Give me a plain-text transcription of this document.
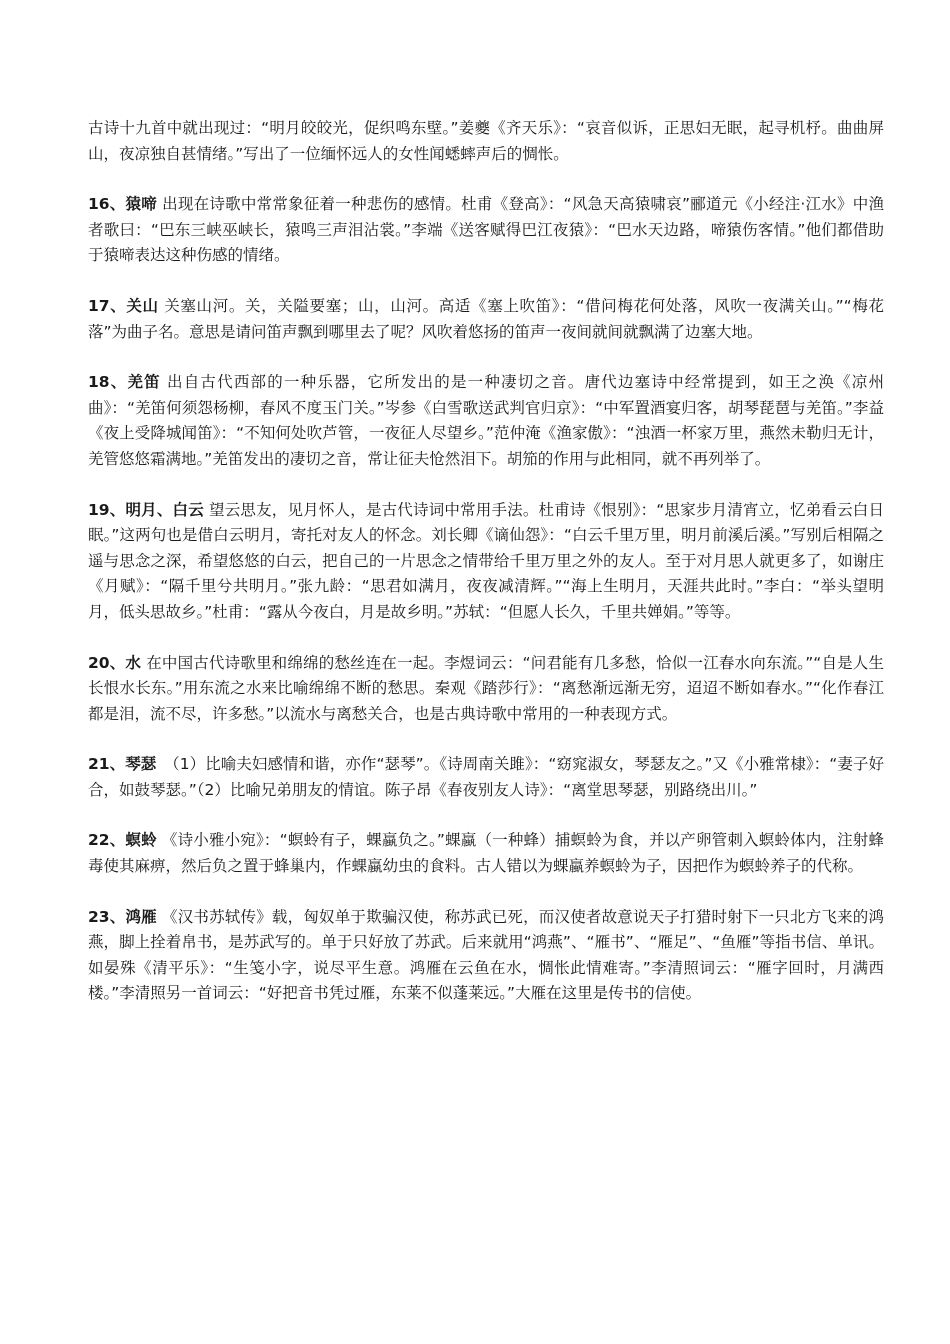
古诗十九首中就出现过：“明月皎皎光，促织鸣东壁。”姜夔《齐天乐》：“哀音似诉，正思妇无眠，起寻机杼。曲曲屏山，夜凉独自甚情绪。”写出了一位缅怀远人的女性闻蟋蟀声后的惆怅。

16、猿啼 出现在诗歌中常常象征着一种悲伤的感情。杜甫《登高》：“风急天高猿啸哀”郦道元《小经注·江水》中渔者歌曰：“巴东三峡巫峡长，猿鸣三声泪沾裳。”李端《送客赋得巴江夜猿》：“巴水天边路，啼猿伤客情。”他们都借助于猿啼表达这种伤感的情绪。

17、关山 关塞山河。关，关隘要塞；山，山河。高适《塞上吹笛》：“借问梅花何处落，风吹一夜满关山。”“梅花落”为曲子名。意思是请问笛声飘到哪里去了呢？风吹着悠扬的笛声一夜间就间就飘满了边塞大地。

18、羌笛 出自古代西部的一种乐器，它所发出的是一种凄切之音。唐代边塞诗中经常提到，如王之涣《凉州曲》：“羌笛何须怨杨柳，春风不度玉门关。”岑参《白雪歌送武判官归京》：“中军置酒宴归客，胡琴琵琶与羌笛。”李益《夜上受降城闻笛》：“不知何处吹芦管，一夜征人尽望乡。”范仲淹《渔家傲》：“浊酒一杯家万里，燕然未勒归无计，羌管悠悠霜满地。”羌笛发出的凄切之音，常让征夫怆然泪下。胡笳的作用与此相同，就不再列举了。

19、明月、白云 望云思友，见月怀人，是古代诗词中常用手法。杜甫诗《恨别》：“思家步月清宵立，忆弟看云白日眠。”这两句也是借白云明月，寄托对友人的怀念。刘长卿《谪仙怨》：“白云千里万里，明月前溪后溪。”写别后相隔之遥与思念之深，希望悠悠的白云，把自己的一片思念之情带给千里万里之外的友人。至于对月思人就更多了，如谢庄《月赋》：“隔千里兮共明月。”张九龄：“思君如满月，夜夜减清辉。”“海上生明月，天涯共此时。”李白：“举头望明月，低头思故乡。”杜甫：“露从今夜白，月是故乡明。”苏轼：“但愿人长久，千里共婵娟。”等等。

20、水 在中国古代诗歌里和绵绵的愁丝连在一起。李煜词云：“问君能有几多愁，恰似一江春水向东流。”“自是人生长恨水长东。”用东流之水来比喻绵绵不断的愁思。秦观《踏莎行》：“离愁渐远渐无穷，迢迢不断如春水。”“化作春江都是泪，流不尽，许多愁。”以流水与离愁关合，也是古典诗歌中常用的一种表现方式。

21、琴瑟　（1）比喻夫妇感情和谐，亦作“瑟琴”。《诗周南关雎》：“窈窕淑女，琴瑟友之。”又《小雅常棣》：“妻子好合，如鼓琴瑟。”（2）比喻兄弟朋友的情谊。陈子昂《春夜别友人诗》：“离堂思琴瑟，别路绕出川。”

22、螟蛉 《诗小雅小宛》：“螟蛉有子，蜾蠃负之。”蜾蠃（一种蜂）捕螟蛉为食，并以产卵管刺入螟蛉体内，注射蜂毒使其麻痹，然后负之置于蜂巢内，作蜾蠃幼虫的食料。古人错以为蜾蠃养螟蛉为子，因把作为螟蛉养子的代称。

23、鸿雁 《汉书苏轼传》载，匈奴单于欺骗汉使，称苏武已死，而汉使者故意说天子打猎时射下一只北方飞来的鸿燕，脚上拴着帛书，是苏武写的。单于只好放了苏武。后来就用“鸿燕”、“雁书”、“雁足”、“鱼雁”等指书信、单讯。如晏殊《清平乐》：“生笺小字，说尽平生意。鸿雁在云鱼在水，惆怅此情难寄。”李清照词云：“雁字回时，月满西楼。”李清照另一首词云：“好把音书凭过雁，东莱不似蓬莱远。”大雁在这里是传书的信使。
